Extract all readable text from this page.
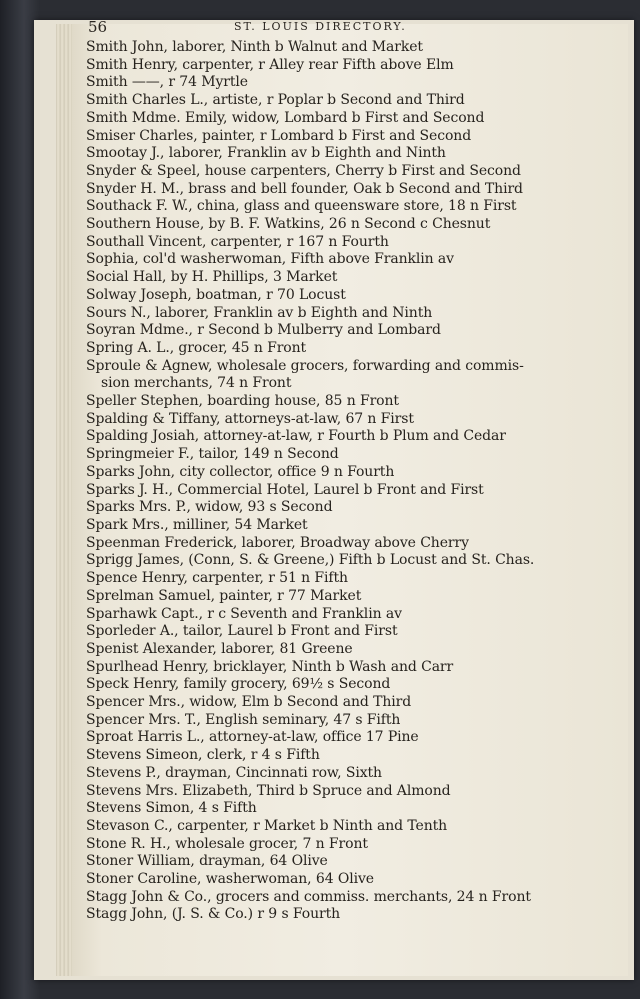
56	ST. LOUIS DIRECTORY.
Smith John, laborer, Ninth b Walnut and Market
Smith Henry, carpenter, r Alley rear Fifth above Elm
Smith ——, r 74 Myrtle
Smith Charles L., artiste, r Poplar b Second and Third
Smith Mdme. Emily, widow, Lombard b First and Second
Smiser Charles, painter, r Lombard b First and Second
Smootay J., laborer, Franklin av b Eighth and Ninth
Snyder & Speel, house carpenters, Cherry b First and Second
Snyder H. M., brass and bell founder, Oak b Second and Third
Southack F. W., china, glass and queensware store, 18 n First
Southern House, by B. F. Watkins, 26 n Second c Chesnut
Southall Vincent, carpenter, r 167 n Fourth
Sophia, col'd washerwoman, Fifth above Franklin av
Social Hall, by H. Phillips, 3 Market
Solway Joseph, boatman, r 70 Locust
Sours N., laborer, Franklin av b Eighth and Ninth
Soyran Mdme., r Second b Mulberry and Lombard
Spring A. L., grocer, 45 n Front
Sproule & Agnew, wholesale grocers, forwarding and commis-
sion merchants, 74 n Front
Speller Stephen, boarding house, 85 n Front
Spalding & Tiffany, attorneys-at-law, 67 n First
Spalding Josiah, attorney-at-law, r Fourth b Plum and Cedar
Springmeier F., tailor, 149 n Second
Sparks John, city collector, office 9 n Fourth
Sparks J. H., Commercial Hotel, Laurel b Front and First
Sparks Mrs. P., widow, 93 s Second
Spark Mrs., milliner, 54 Market
Speenman Frederick, laborer, Broadway above Cherry
Sprigg James, (Conn, S. & Greene,) Fifth b Locust and St. Chas.
Spence Henry, carpenter, r 51 n Fifth
Sprelman Samuel, painter, r 77 Market
Sparhawk Capt., r c Seventh and Franklin av
Sporleder A., tailor, Laurel b Front and First
Spenist Alexander, laborer, 81 Greene
Spurlhead Henry, bricklayer, Ninth b Wash and Carr
Speck Henry, family grocery, 69½ s Second
Spencer Mrs., widow, Elm b Second and Third
Spencer Mrs. T., English seminary, 47 s Fifth
Sproat Harris L., attorney-at-law, office 17 Pine
Stevens Simeon, clerk, r 4 s Fifth
Stevens P., drayman, Cincinnati row, Sixth
Stevens Mrs. Elizabeth, Third b Spruce and Almond
Stevens Simon, 4 s Fifth
Stevason C., carpenter, r Market b Ninth and Tenth
Stone R. H., wholesale grocer, 7 n Front
Stoner William, drayman, 64 Olive
Stoner Caroline, washerwoman, 64 Olive
Stagg John & Co., grocers and commiss. merchants, 24 n Front
Stagg John, (J. S. & Co.) r 9 s Fourth
